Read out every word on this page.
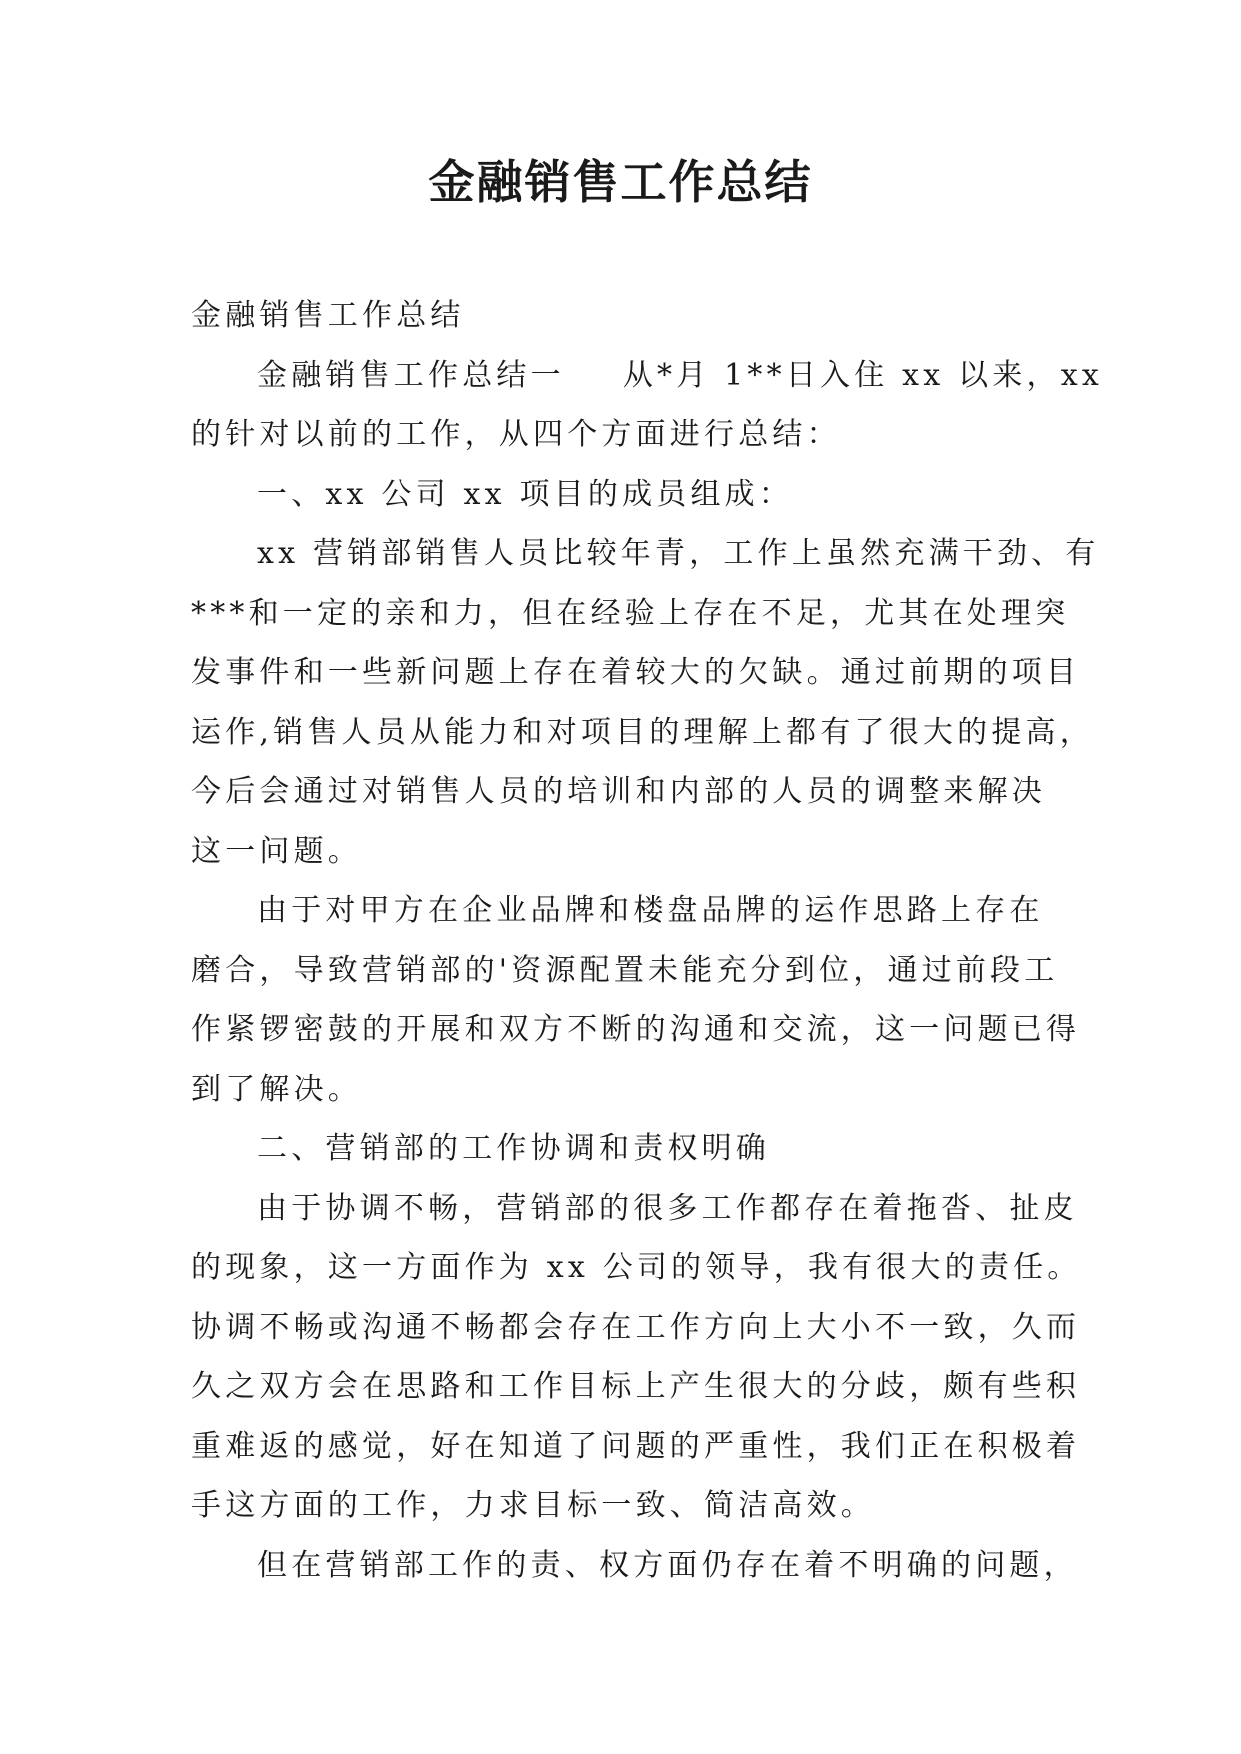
金融销售工作总结
金融销售工作总结
金融销售工作总结一 从*月 1**日入住 xx 以来，xx
的针对以前的工作，从四个方面进行总结：
一、xx 公司 xx 项目的成员组成：
xx 营销部销售人员比较年青，工作上虽然充满干劲、有
***和一定的亲和力，但在经验上存在不足，尤其在处理突
发事件和一些新问题上存在着较大的欠缺。通过前期的项目
运作,销售人员从能力和对项目的理解上都有了很大的提高，
今后会通过对销售人员的培训和内部的人员的调整来解决
这一问题。
由于对甲方在企业品牌和楼盘品牌的运作思路上存在
磨合，导致营销部的'资源配置未能充分到位，通过前段工
作紧锣密鼓的开展和双方不断的沟通和交流，这一问题已得
到了解决。
二、营销部的工作协调和责权明确
由于协调不畅，营销部的很多工作都存在着拖沓、扯皮
的现象，这一方面作为 xx 公司的领导，我有很大的责任。
协调不畅或沟通不畅都会存在工作方向上大小不一致，久而
久之双方会在思路和工作目标上产生很大的分歧，颇有些积
重难返的感觉，好在知道了问题的严重性，我们正在积极着
手这方面的工作，力求目标一致、简洁高效。
但在营销部工作的责、权方面仍存在着不明确的问题，
